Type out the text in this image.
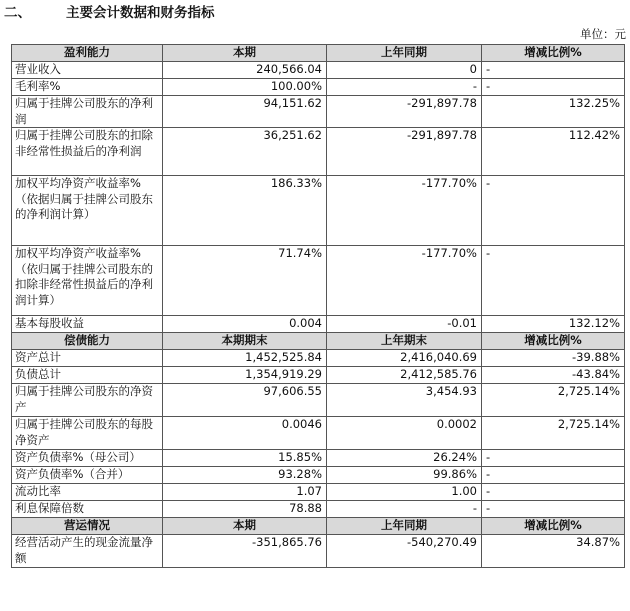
二、	主要会计数据和财务指标
单位：元
盈利能力	本期	上年同期	增减比例%
营业收入	240,566.04	0	-
毛利率%	100.00%	-	-
归属于挂牌公司股东的净利润	94,151.62	-291,897.78	132.25%
归属于挂牌公司股东的扣除非经常性损益后的净利润	36,251.62	-291,897.78	112.42%
加权平均净资产收益率%（依据归属于挂牌公司股东的净利润计算）	186.33%	-177.70%	-
加权平均净资产收益率%（依归属于挂牌公司股东的扣除非经常性损益后的净利润计算）	71.74%	-177.70%	-
基本每股收益	0.004	-0.01	132.12%
偿债能力	本期期末	上年期末	增减比例%
资产总计	1,452,525.84	2,416,040.69	-39.88%
负债总计	1,354,919.29	2,412,585.76	-43.84%
归属于挂牌公司股东的净资产	97,606.55	3,454.93	2,725.14%
归属于挂牌公司股东的每股净资产	0.0046	0.0002	2,725.14%
资产负债率%（母公司）	15.85%	26.24%	-
资产负债率%（合并）	93.28%	99.86%	-
流动比率	1.07	1.00	-
利息保障倍数	78.88	-	-
营运情况	本期	上年同期	增减比例%
经营活动产生的现金流量净额	-351,865.76	-540,270.49	34.87%
